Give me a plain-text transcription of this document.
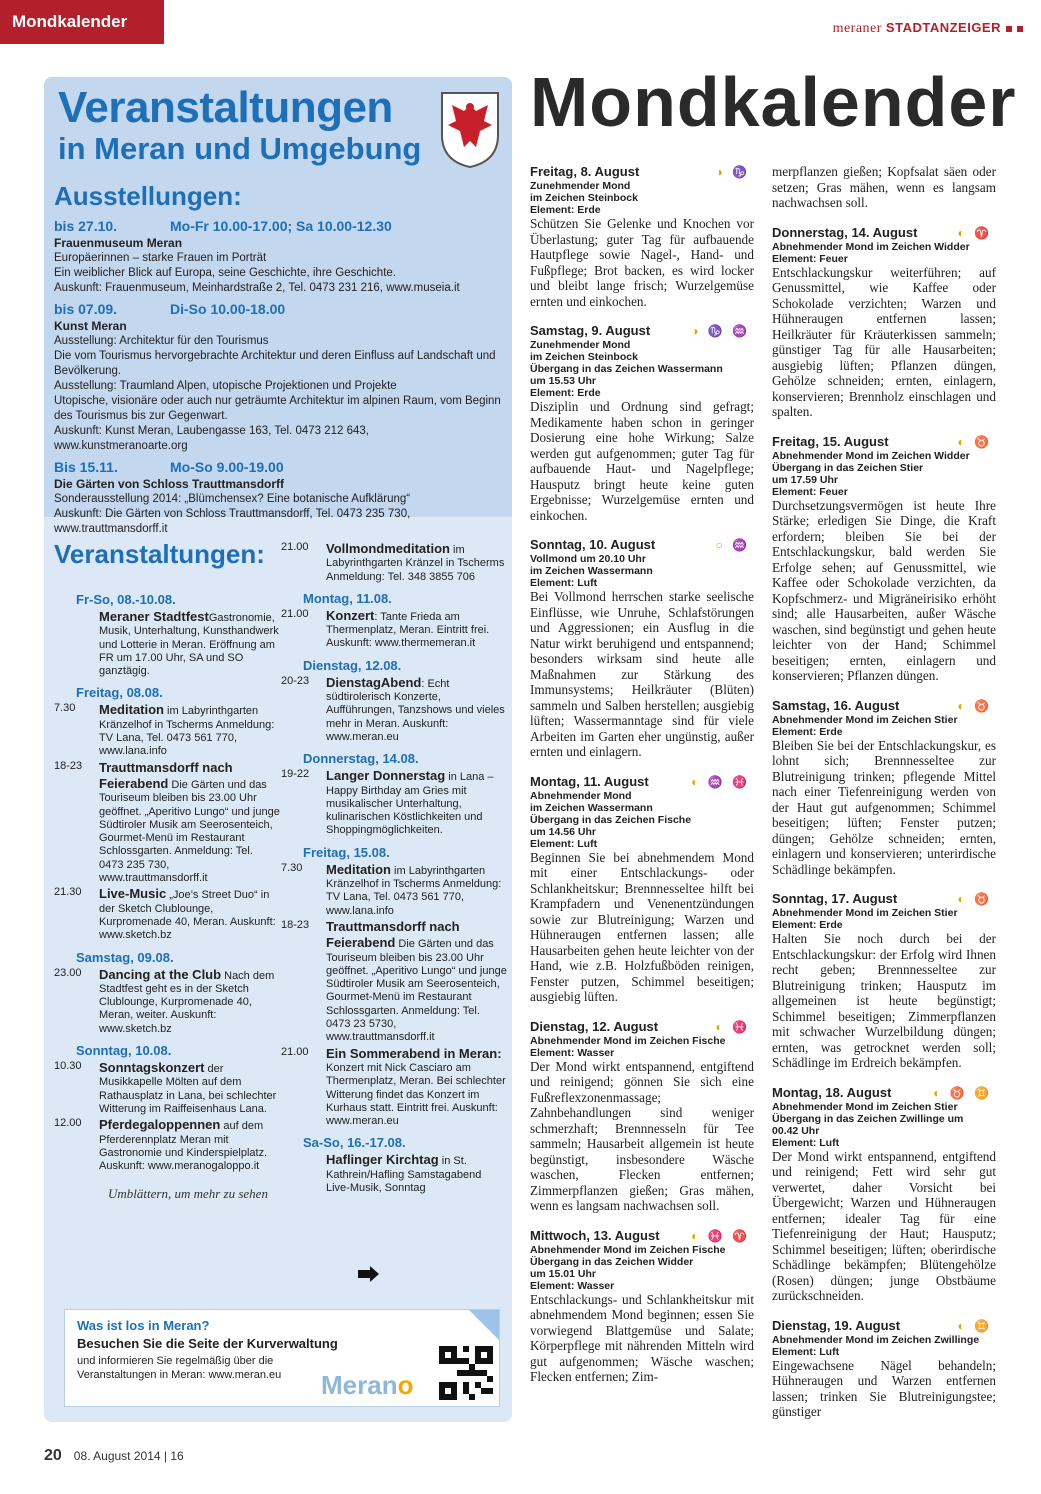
Mondkalender	meraner STADTANZEIGER
Veranstaltungen
in Meran und Umgebung
Ausstellungen:
bis 27.10.	Mo-Fr 10.00-17.00; Sa 10.00-12.30
Frauenmuseum Meran
Europäerinnen – starke Frauen im Porträt
Ein weiblicher Blick auf Europa, seine Geschichte, ihre Geschichte.
Auskunft: Frauenmuseum, Meinhardstraße 2, Tel. 0473 231 216, www.museia.it
bis 07.09.	Di-So 10.00-18.00
Kunst Meran
Ausstellung: Architektur für den Tourismus
Die vom Tourismus hervorgebrachte Architektur und deren Einfluss auf Landschaft und Bevölkerung.
Ausstellung: Traumland Alpen, utopische Projektionen und Projekte
Utopische, visionäre oder auch nur geträumte Architektur im alpinen Raum, vom Beginn des Tourismus bis zur Gegenwart.
Auskunft: Kunst Meran, Laubengasse 163, Tel. 0473 212 643, www.kunstmeranoarte.org
Bis 15.11.	Mo-So 9.00-19.00
Die Gärten von Schloss Trauttmansdorff
Sonderausstellung 2014: „Blümchensex? Eine botanische Aufklärung“
Auskunft: Die Gärten von Schloss Trauttmansdorff, Tel. 0473 235 730, www.trauttmansdorff.it
Veranstaltungen:
Fr-So, 08.-10.08.
Meraner StadtfestGastronomie, Musik, Unterhaltung, Kunsthandwerk und Lotterie in Meran. Eröffnung am FR um 17.00 Uhr, SA und SO ganztägig.
Freitag, 08.08.
7.30	Meditation im Labyrinthgarten Kränzelhof in Tscherms Anmeldung: TV Lana, Tel. 0473 561 770, www.lana.info
18-23	Trauttmansdorff nach Feierabend Die Gärten und das Touriseum bleiben bis 23.00 Uhr geöffnet. „Aperitivo Lungo“ und junge Südtiroler Musik am Seerosenteich, Gourmet-Menü im Restaurant Schlossgarten. Anmeldung: Tel. 0473 235 730, www.trauttmansdorff.it
21.30	Live-Music „Joe’s Street Duo“ in der Sketch Clublounge, Kurpromenade 40, Meran. Auskunft: www.sketch.bz
Samstag, 09.08.
23.00	Dancing at the Club Nach dem Stadtfest geht es in der Sketch Clublounge, Kurpromenade 40, Meran, weiter. Auskunft: www.sketch.bz
Sonntag, 10.08.
10.30	Sonntagskonzert der Musikkapelle Mölten auf dem Rathausplatz in Lana, bei schlechter Witterung im Raiffeisenhaus Lana.
12.00	Pferdegaloppennen auf dem Pferderennplatz Meran mit Gastronomie und Kinderspielplatz. Auskunft: www.meranogaloppo.it
21.00	Vollmondmeditation im Labyrinthgarten Kränzel in Tscherms Anmeldung: Tel. 348 3855 706
Montag, 11.08.
21.00	Konzert: Tante Frieda am Thermenplatz, Meran. Eintritt frei. Auskunft: www.thermemeran.it
Dienstag, 12.08.
20-23	DienstagAbend: Echt südtirolerisch Konzerte, Aufführungen, Tanzshows und vieles mehr in Meran. Auskunft: www.meran.eu
Donnerstag, 14.08.
19-22	Langer Donnerstag in Lana – Happy Birthday am Gries mit musikalischer Unterhaltung, kulinarischen Köstlichkeiten und Shoppingmöglichkeiten.
Freitag, 15.08.
7.30	Meditation im Labyrinthgarten Kränzelhof in Tscherms Anmeldung: TV Lana, Tel. 0473 561 770, www.lana.info
18-23	Trauttmansdorff nach Feierabend Die Gärten und das Touriseum bleiben bis 23.00 Uhr geöffnet. „Aperitivo Lungo“ und junge Südtiroler Musik am Seerosenteich, Gourmet-Menü im Restaurant Schlossgarten. Anmeldung: Tel. 0473 23 5730, www.trauttmansdorff.it
21.00	Ein Sommerabend in Meran: Konzert mit Nick Casciaro am Thermenplatz, Meran. Bei schlechter Witterung findet das Konzert im Kurhaus statt. Eintritt frei. Auskunft: www.meran.eu
Sa-So, 16.-17.08.
Haflinger Kirchtag in St. Kathrein/Hafling Samstagabend Live-Musik, Sonntag
Umblättern, um mehr zu sehen
Was ist los in Meran?
Besuchen Sie die Seite der Kurverwaltung
und informieren Sie regelmäßig über die Veranstaltungen in Meran: www.meran.eu	Merano
Mondkalender
Freitag, 8. August	◑ ♑
Zunehmender Mond
im Zeichen Steinbock
Element: Erde
Schützen Sie Gelenke und Knochen vor Überlastung; guter Tag für aufbauende Hautpflege sowie Nagel-, Hand- und Fußpflege; Brot backen, es wird locker und bleibt lange frisch; Wurzelgemüse ernten und einkochen.
Samstag, 9. August	◑ ♑ ♒
Zunehmender Mond
im Zeichen Steinbock
Übergang in das Zeichen Wassermann
um 15.53 Uhr
Element: Erde
Disziplin und Ordnung sind gefragt; Medikamente haben schon in geringer Dosierung eine hohe Wirkung; Salze werden gut aufgenommen; guter Tag für aufbauende Haut- und Nagelpflege; Hausputz bringt heute keine guten Ergebnisse; Wurzelgemüse ernten und einkochen.
Sonntag, 10. August	○ ♒
Vollmond um 20.10 Uhr
im Zeichen Wassermann
Element: Luft
Bei Vollmond herrschen starke seelische Einflüsse, wie Unruhe, Schlafstörungen und Aggressionen; ein Ausflug in die Natur wirkt beruhigend und entspannend; besonders wirksam sind heute alle Maßnahmen zur Stärkung des Immunsystems; Heilkräuter (Blüten) sammeln und Salben herstellen; ausgiebig lüften; Wassermanntage sind für viele Arbeiten im Garten eher ungünstig, außer ernten und einlagern.
Montag, 11. August	◐ ♒ ♓
Abnehmender Mond
im Zeichen Wassermann
Übergang in das Zeichen Fische
um 14.56 Uhr
Element: Luft
Beginnen Sie bei abnehmendem Mond mit einer Entschlackungs- oder Schlankheitskur; Brennnesseltee hilft bei Krampfadern und Venenentzündungen sowie zur Blutreinigung; Warzen und Hühneraugen entfernen lassen; alle Hausarbeiten gehen heute leichter von der Hand, wie z.B. Holzfußböden reinigen, Fenster putzen, Schimmel beseitigen; ausgiebig lüften.
Dienstag, 12. August	◐ ♓
Abnehmender Mond im Zeichen Fische
Element: Wasser
Der Mond wirkt entspannend, entgiftend und reinigend; gönnen Sie sich eine Fußreflexzonenmassage; Zahnbehandlungen sind weniger schmerzhaft; Brennnesseln für Tee sammeln; Hausarbeit allgemein ist heute begünstigt, insbesondere Wäsche waschen, Flecken entfernen; Zimmerpflanzen gießen; Gras mähen, wenn es langsam nachwachsen soll.
Mittwoch, 13. August	◐ ♓ ♈
Abnehmender Mond im Zeichen Fische
Übergang in das Zeichen Widder
um 15.01 Uhr
Element: Wasser
Entschlackungs- und Schlankheitskur mit abnehmendem Mond beginnen; essen Sie vorwiegend Blattgemüse und Salate; Körperpflege mit nährenden Mitteln wird gut aufgenommen; Wäsche waschen; Flecken entfernen; Zim-
merpflanzen gießen; Kopfsalat säen oder setzen; Gras mähen, wenn es langsam nachwachsen soll.
Donnerstag, 14. August	◐ ♈
Abnehmender Mond im Zeichen Widder
Element: Feuer
Entschlackungskur weiterführen; auf Genussmittel, wie Kaffee oder Schokolade verzichten; Warzen und Hühneraugen entfernen lassen; Heilkräuter für Kräuterkissen sammeln; günstiger Tag für alle Hausarbeiten; ausgiebig lüften; Pflanzen düngen, Gehölze schneiden; ernten, einlagern, konservieren; Brennholz einschlagen und spalten.
Freitag, 15. August	◐ ♉
Abnehmender Mond im Zeichen Widder
Übergang in das Zeichen Stier
um 17.59 Uhr
Element: Feuer
Durchsetzungsvermögen ist heute Ihre Stärke; erledigen Sie Dinge, die Kraft erfordern; bleiben Sie bei der Entschlackungskur, bald werden Sie Erfolge sehen; auf Genussmittel, wie Kaffee oder Schokolade verzichten, da Kopfschmerz- und Migräneirisiko erhöht sind; alle Hausarbeiten, außer Wäsche waschen, sind begünstigt und gehen heute leichter von der Hand; Schimmel beseitigen; ernten, einlagern und konservieren; Pflanzen düngen.
Samstag, 16. August	◐ ♉
Abnehmender Mond im Zeichen Stier
Element: Erde
Bleiben Sie bei der Entschlackungskur, es lohnt sich; Brennnesseltee zur Blutreinigung trinken; pflegende Mittel nach einer Tiefenreinigung werden von der Haut gut aufgenommen; Schimmel beseitigen; lüften; Fenster putzen; düngen; Gehölze schneiden; ernten, einlagern und konservieren; unterirdische Schädlinge bekämpfen.
Sonntag, 17. August	◐ ♉
Abnehmender Mond im Zeichen Stier
Element: Erde
Halten Sie noch durch bei der Entschlackungskur: der Erfolg wird Ihnen recht geben; Brennnesseltee zur Blutreinigung trinken; Hausputz im allgemeinen ist heute begünstigt; Schimmel beseitigen; Zimmerpflanzen mit schwacher Wurzelbildung düngen; ernten, was getrocknet werden soll; Schädlinge im Erdreich bekämpfen.
Montag, 18. August	◐ ♉ ♊
Abnehmender Mond im Zeichen Stier
Übergang in das Zeichen Zwillinge um
00.42 Uhr
Element: Luft
Der Mond wirkt entspannend, entgiftend und reinigend; Fett wird sehr gut verwertet, daher Vorsicht bei Übergewicht; Warzen und Hühneraugen entfernen; idealer Tag für eine Tiefenreinigung der Haut; Hausputz; Schimmel beseitigen; lüften; oberirdische Schädlinge bekämpfen; Blütengehölze (Rosen) düngen; junge Obstbäume zurückschneiden.
Dienstag, 19. August	◐ ♊
Abnehmender Mond im Zeichen Zwillinge
Element: Luft
Eingewachsene Nägel behandeln; Hühneraugen und Warzen entfernen lassen; trinken Sie Blutreinigungstee; günstiger
20 08. August 2014 | 16
